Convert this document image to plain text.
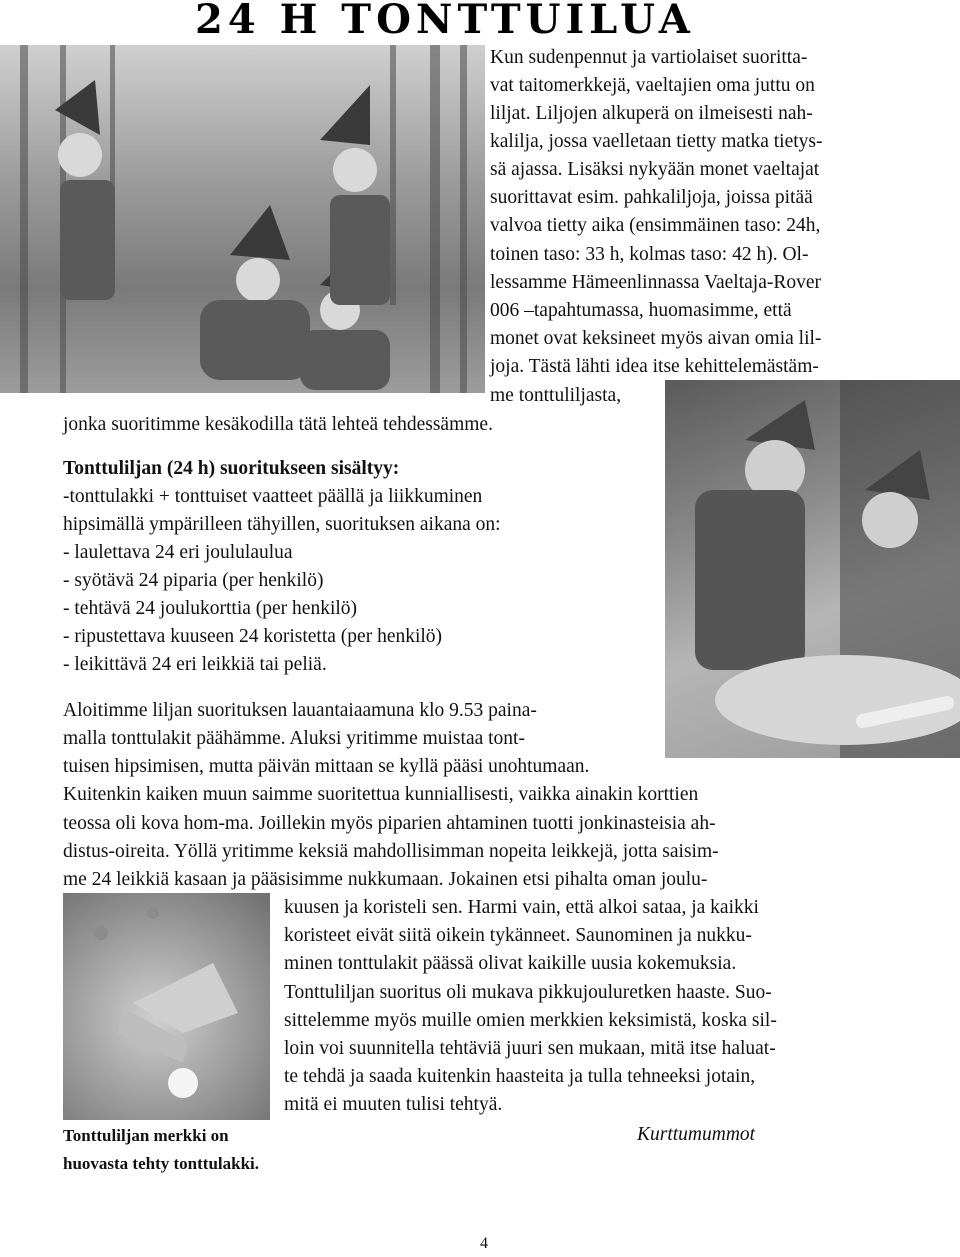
24 H TONTTUILUA
Kun sudenpennut ja vartiolaiset suoritta-
vat taitomerkkejä, vaeltajien oma juttu on
liljat. Liljojen alkuperä on ilmeisesti nah-
kalilja, jossa vaelletaan tietty matka tietys-
sä ajassa. Lisäksi nykyään monet vaeltajat
suorittavat esim. pahkaliljoja, joissa pitää
valvoa tietty aika (ensimmäinen taso: 24h,
toinen taso: 33 h, kolmas taso: 42 h). Ol-
lessamme Hämeenlinnassa Vaeltaja-Rover
006 –tapahtumassa, huomasimme, että
monet ovat keksineet myös aivan omia lil-
joja. Tästä lähti idea itse kehittelemästäm-
me tonttuliljasta,
jonka suoritimme kesäkodilla tätä lehteä tehdessämme.
Tonttuliljan (24 h) suoritukseen sisältyy:
-tonttulakki + tonttuiset vaatteet päällä ja liikkuminen
hipsimällä ympärilleen tähyillen, suorituksen aikana on:
- laulettava 24 eri joululaulua
- syötävä 24 piparia (per henkilö)
- tehtävä 24 joulukorttia (per henkilö)
- ripustettava kuuseen 24 koristetta (per henkilö)
- leikittävä 24 eri leikkiä tai peliä.
Aloitimme liljan suorituksen lauantaiaamuna klo 9.53 paina-
malla tonttulakit päähämme. Aluksi yritimme muistaa tont-
tuisen hipsimisen, mutta päivän mittaan se kyllä pääsi unohtumaan.
Kuitenkin kaiken muun saimme suoritettua kunniallisesti, vaikka ainakin korttien
teossa oli kova hom-ma. Joillekin myös piparien ahtaminen tuotti jonkinasteisia ah-
distus-oireita. Yöllä yritimme keksiä mahdollisimman nopeita leikkejä, jotta saisim-
me 24 leikkiä kasaan ja pääsisimme nukkumaan. Jokainen etsi pihalta oman joulu-
kuusen ja koristeli sen. Harmi vain, että alkoi sataa, ja kaikki
koristeet eivät siitä oikein tykänneet. Saunominen ja nukku-
minen tonttulakit päässä olivat kaikille uusia kokemuksia.
Tonttuliljan suoritus oli mukava pikkujouluretken haaste. Suo-
sittelemme myös muille omien merkkien keksimistä, koska sil-
loin voi suunnitella tehtäviä juuri sen mukaan, mitä itse haluat-
te tehdä ja saada kuitenkin haasteita ja tulla tehneeksi jotain,
mitä ei muuten tulisi tehtyä.
Tonttuliljan merkki on
huovasta tehty tonttulakki.
Kurttumummot
4
